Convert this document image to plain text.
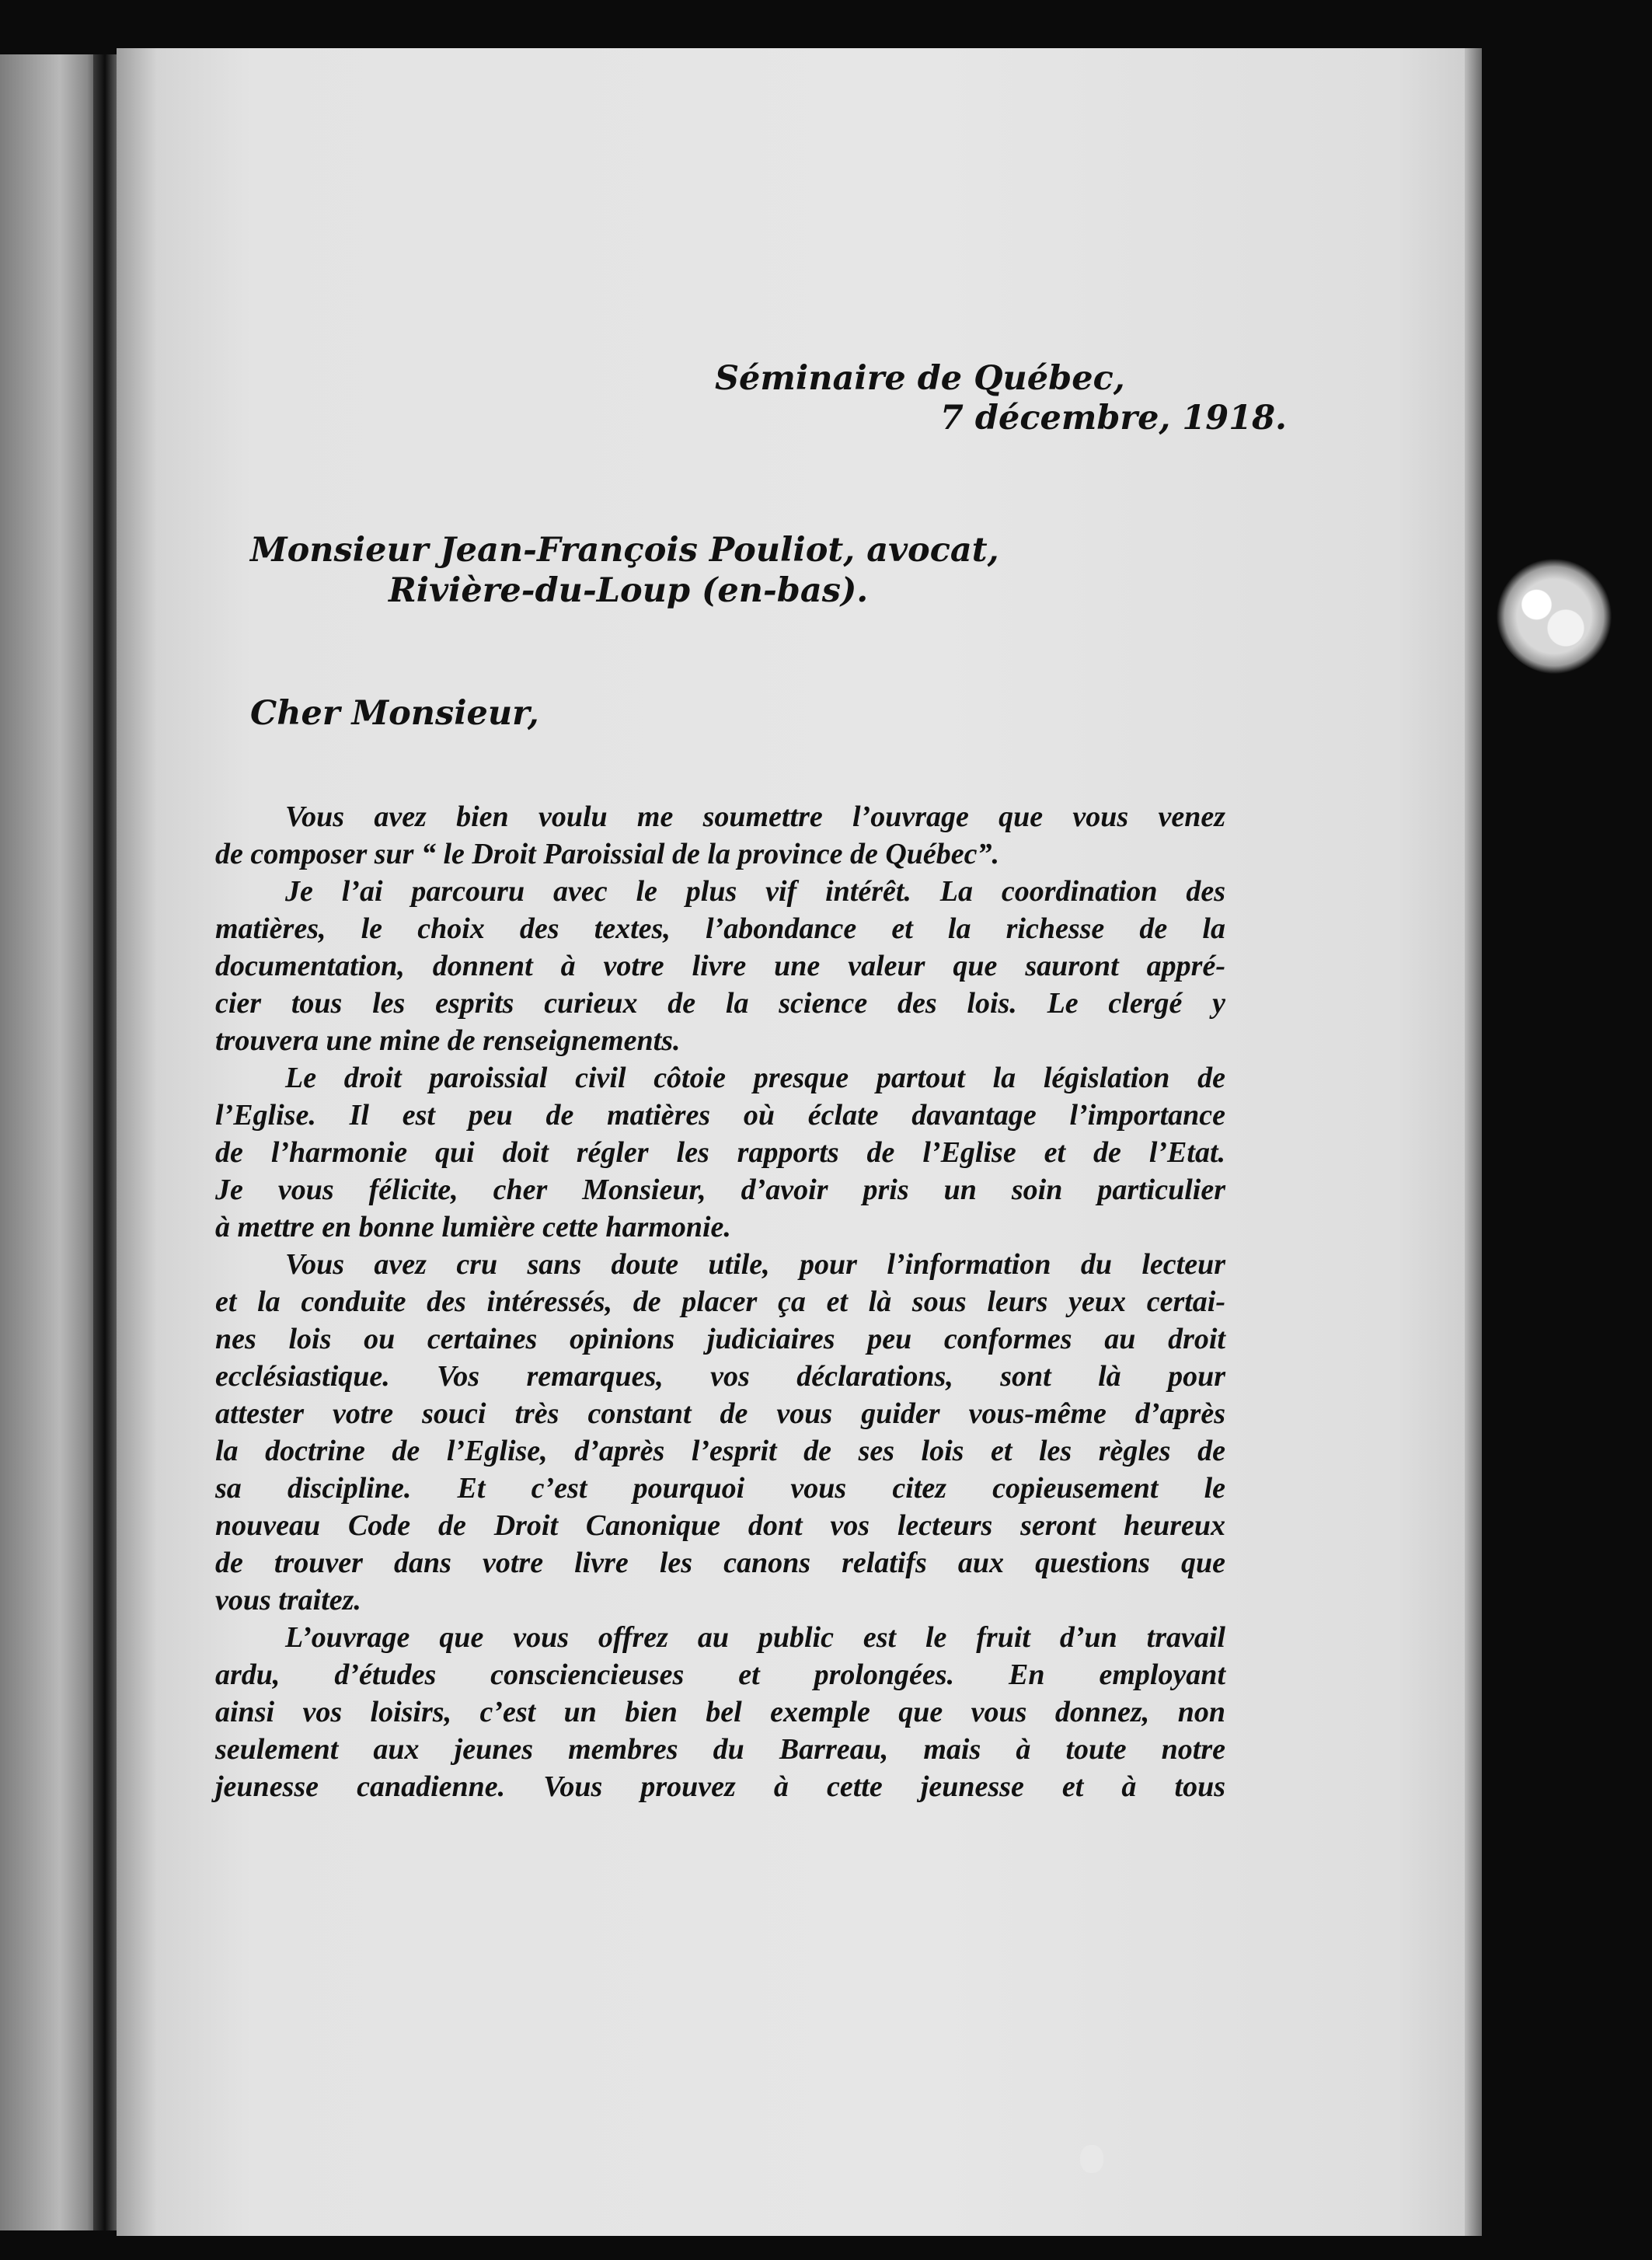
Séminaire de Québec,
7 décembre, 1918.
Monsieur Jean-François Pouliot, avocat,
Rivière-du-Loup (en-bas).
Cher Monsieur,

Vous avez bien voulu me soumettre l’ouvrage que vous venez
de composer sur “ le Droit Paroissial de la province de Québec”.

Je l’ai parcouru avec le plus vif intérêt. La coordination des
matières, le choix des textes, l’abondance et la richesse de la
documentation, donnent à votre livre une valeur que sauront appré-
cier tous les esprits curieux de la science des lois. Le clergé y
trouvera une mine de renseignements.

Le droit paroissial civil côtoie presque partout la législation de
l’Eglise. Il est peu de matières où éclate davantage l’importance
de l’harmonie qui doit régler les rapports de l’Eglise et de l’Etat.
Je vous félicite, cher Monsieur, d’avoir pris un soin particulier
à mettre en bonne lumière cette harmonie.

Vous avez cru sans doute utile, pour l’information du lecteur
et la conduite des intéressés, de placer ça et là sous leurs yeux certai-
nes lois ou certaines opinions judiciaires peu conformes au droit
ecclésiastique. Vos remarques, vos déclarations, sont là pour
attester votre souci très constant de vous guider vous-même d’après
la doctrine de l’Eglise, d’après l’esprit de ses lois et les règles de
sa discipline. Et c’est pourquoi vous citez copieusement le
nouveau Code de Droit Canonique dont vos lecteurs seront heureux
de trouver dans votre livre les canons relatifs aux questions que
vous traitez.

L’ouvrage que vous offrez au public est le fruit d’un travail
ardu, d’études consciencieuses et prolongées. En employant
ainsi vos loisirs, c’est un bien bel exemple que vous donnez, non
seulement aux jeunes membres du Barreau, mais à toute notre
jeunesse canadienne. Vous prouvez à cette jeunesse et à tous
